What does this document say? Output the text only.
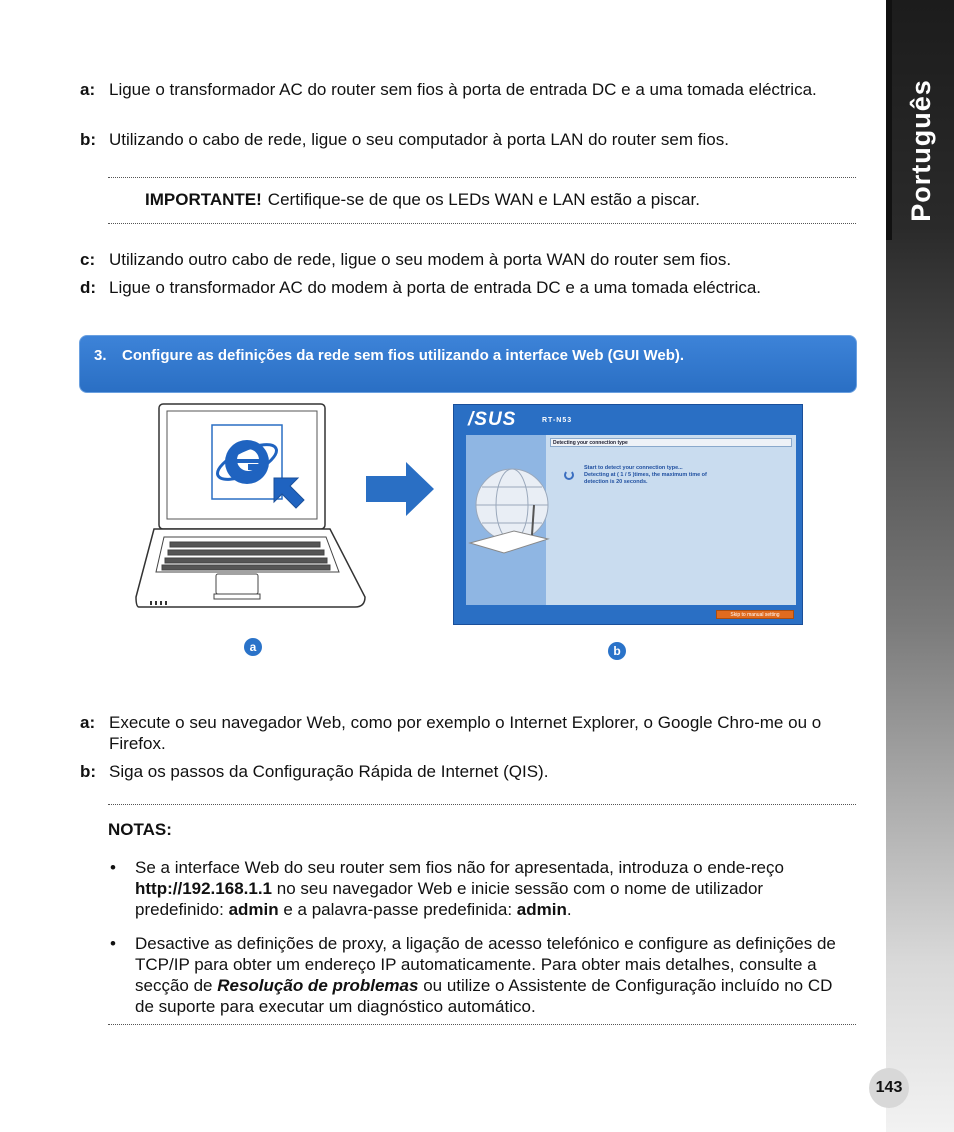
Português
a: Ligue o transformador AC do router sem fios à porta de entrada DC e a uma tomada eléctrica.
b: Utilizando o cabo de rede, ligue o seu computador à porta LAN do router sem fios.
IMPORTANTE! Certifique-se de que os LEDs WAN e LAN estão a piscar.
c: Utilizando outro cabo de rede, ligue o seu modem à porta WAN do router sem fios.
d: Ligue o transformador AC do modem à porta de entrada DC e a uma tomada eléctrica.
3. Configure as definições da rede sem fios utilizando a interface Web (GUI Web).
/SUS	RT-N53
Detecting your connection type
Start to detect your connection type...
Detecting at ( 1 / 5 )times, the maximum time of
detection is 20 seconds.
Skip to manual setting
a	b
a: Execute o seu navegador Web, como por exemplo o Internet Explorer, o Google Chro-me ou o Firefox.
b: Siga os passos da Configuração Rápida de Internet (QIS).
NOTAS:
•	Se a interface Web do seu router sem fios não for apresentada, introduza o ende-reço http://192.168.1.1 no seu navegador Web e inicie sessão com o nome de utilizador predefinido: admin e a palavra-passe predefinida: admin.
•	Desactive as definições de proxy, a ligação de acesso telefónico e configure as definições de TCP/IP para obter um endereço IP automaticamente. Para obter mais detalhes, consulte a secção de Resolução de problemas ou utilize o Assistente de Configuração incluído no CD de suporte para executar um diagnóstico automático.
143
